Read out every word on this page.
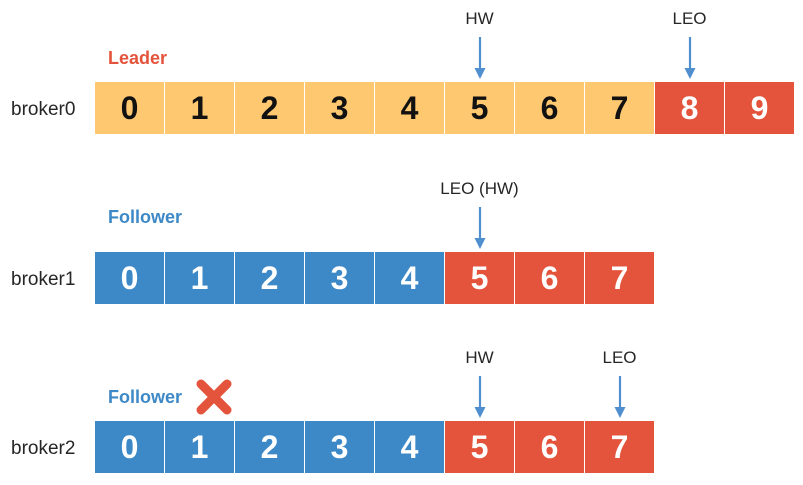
broker0
Leader
0	1	2	3	4	5	6	7	8	9
HW	LEO
broker1
Follower
0	1	2	3	4	5	6	7
LEO (HW)
broker2
Follower
0	1	2	3	4	5	6	7
HW	LEO
